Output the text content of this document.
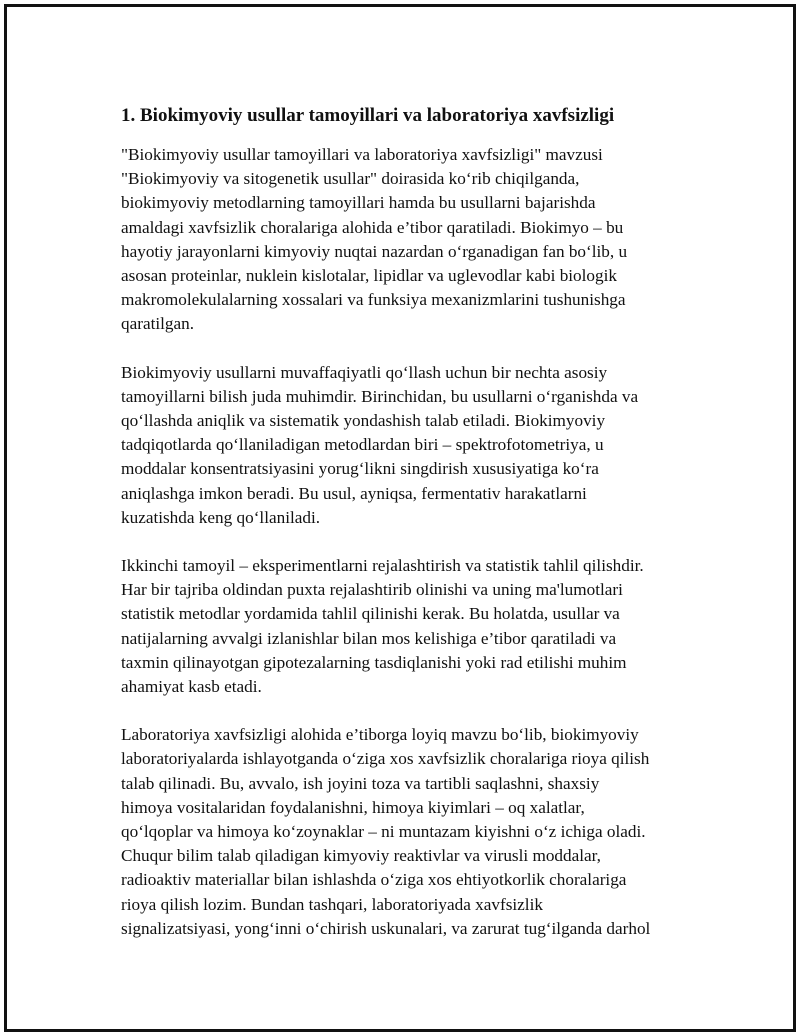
1. Biokimyoviy usullar tamoyillari va laboratoriya xavfsizligi

"Biokimyoviy usullar tamoyillari va laboratoriya xavfsizligi" mavzusi
"Biokimyoviy va sitogenetik usullar" doirasida ko‘rib chiqilganda,
biokimyoviy metodlarning tamoyillari hamda bu usullarni bajarishda
amaldagi xavfsizlik choralariga alohida e’tibor qaratiladi. Biokimyo – bu
hayotiy jarayonlarni kimyoviy nuqtai nazardan o‘rganadigan fan bo‘lib, u
asosan proteinlar, nuklein kislotalar, lipidlar va uglevodlar kabi biologik
makromolekulalarning xossalari va funksiya mexanizmlarini tushunishga
qaratilgan.

Biokimyoviy usullarni muvaffaqiyatli qo‘llash uchun bir nechta asosiy
tamoyillarni bilish juda muhimdir. Birinchidan, bu usullarni o‘rganishda va
qo‘llashda aniqlik va sistematik yondashish talab etiladi. Biokimyoviy
tadqiqotlarda qo‘llaniladigan metodlardan biri – spektrofotometriya, u
moddalar konsentratsiyasini yorug‘likni singdirish xususiyatiga ko‘ra
aniqlashga imkon beradi. Bu usul, ayniqsa, fermentativ harakatlarni
kuzatishda keng qo‘llaniladi.

Ikkinchi tamoyil – eksperimentlarni rejalashtirish va statistik tahlil qilishdir.
Har bir tajriba oldindan puxta rejalashtirib olinishi va uning ma'lumotlari
statistik metodlar yordamida tahlil qilinishi kerak. Bu holatda, usullar va
natijalarning avvalgi izlanishlar bilan mos kelishiga e’tibor qaratiladi va
taxmin qilinayotgan gipotezalarning tasdiqlanishi yoki rad etilishi muhim
ahamiyat kasb etadi.

Laboratoriya xavfsizligi alohida e’tiborga loyiq mavzu bo‘lib, biokimyoviy
laboratoriyalarda ishlayotganda o‘ziga xos xavfsizlik choralariga rioya qilish
talab qilinadi. Bu, avvalo, ish joyini toza va tartibli saqlashni, shaxsiy
himoya vositalaridan foydalanishni, himoya kiyimlari – oq xalatlar,
qo‘lqoplar va himoya ko‘zoynaklar – ni muntazam kiyishni o‘z ichiga oladi.
Chuqur bilim talab qiladigan kimyoviy reaktivlar va virusli moddalar,
radioaktiv materiallar bilan ishlashda o‘ziga xos ehtiyotkorlik choralariga
rioya qilish lozim. Bundan tashqari, laboratoriyada xavfsizlik
signalizatsiyasi, yong‘inni o‘chirish uskunalari, va zarurat tug‘ilganda darhol
